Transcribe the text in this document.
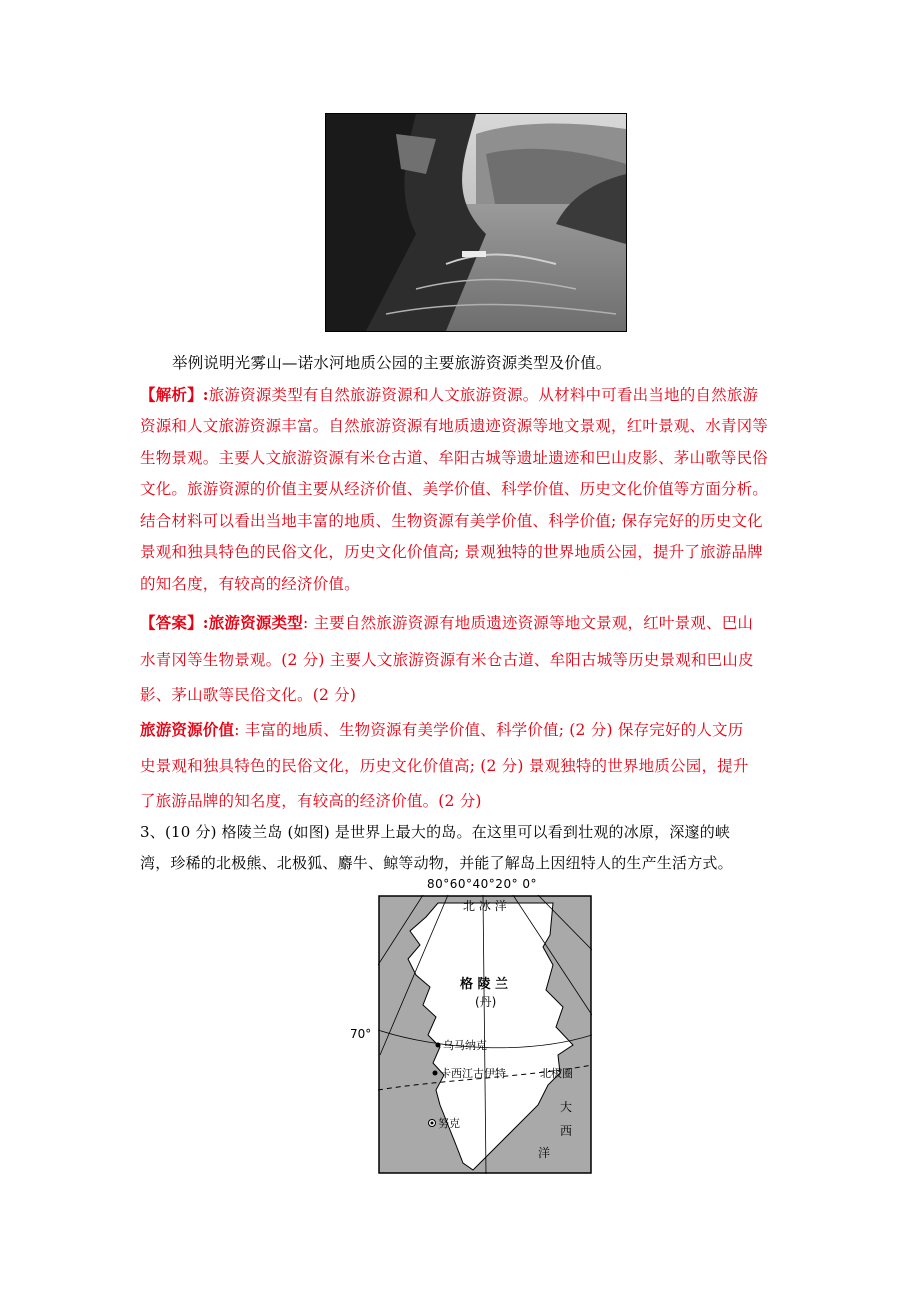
举例说明光雾山—诺水河地质公园的主要旅游资源类型及价值。
【解析】:旅游资源类型有自然旅游资源和人文旅游资源。从材料中可看出当地的自然旅游
资源和人文旅游资源丰富。自然旅游资源有地质遗迹资源等地文景观，红叶景观、水青冈等
生物景观。主要人文旅游资源有米仓古道、牟阳古城等遗址遗迹和巴山皮影、茅山歌等民俗
文化。旅游资源的价值主要从经济价值、美学价值、科学价值、历史文化价值等方面分析。
结合材料可以看出当地丰富的地质、生物资源有美学价值、科学价值; 保存完好的历史文化
景观和独具特色的民俗文化，历史文化价值高; 景观独特的世界地质公园，提升了旅游品牌
的知名度，有较高的经济价值。
【答案】:旅游资源类型: 主要自然旅游资源有地质遗迹资源等地文景观，红叶景观、巴山
水青冈等生物景观。(2 分) 主要人文旅游资源有米仓古道、牟阳古城等历史景观和巴山皮
影、茅山歌等民俗文化。(2 分)
旅游资源价值: 丰富的地质、生物资源有美学价值、科学价值; (2 分) 保存完好的人文历
史景观和独具特色的民俗文化，历史文化价值高; (2 分) 景观独特的世界地质公园，提升
了旅游品牌的知名度，有较高的经济价值。(2 分)
3、(10 分) 格陵兰岛 (如图) 是世界上最大的岛。在这里可以看到壮观的冰原，深邃的峡
湾，珍稀的北极熊、北极狐、麝牛、鲸等动物，并能了解岛上因纽特人的生产生活方式。
80°60°40°20° 0°
70°
北 冰 洋
格 陵 兰
(丹)
乌马纳克
卡西江古伊特	北极圈
努克
大
西
洋
